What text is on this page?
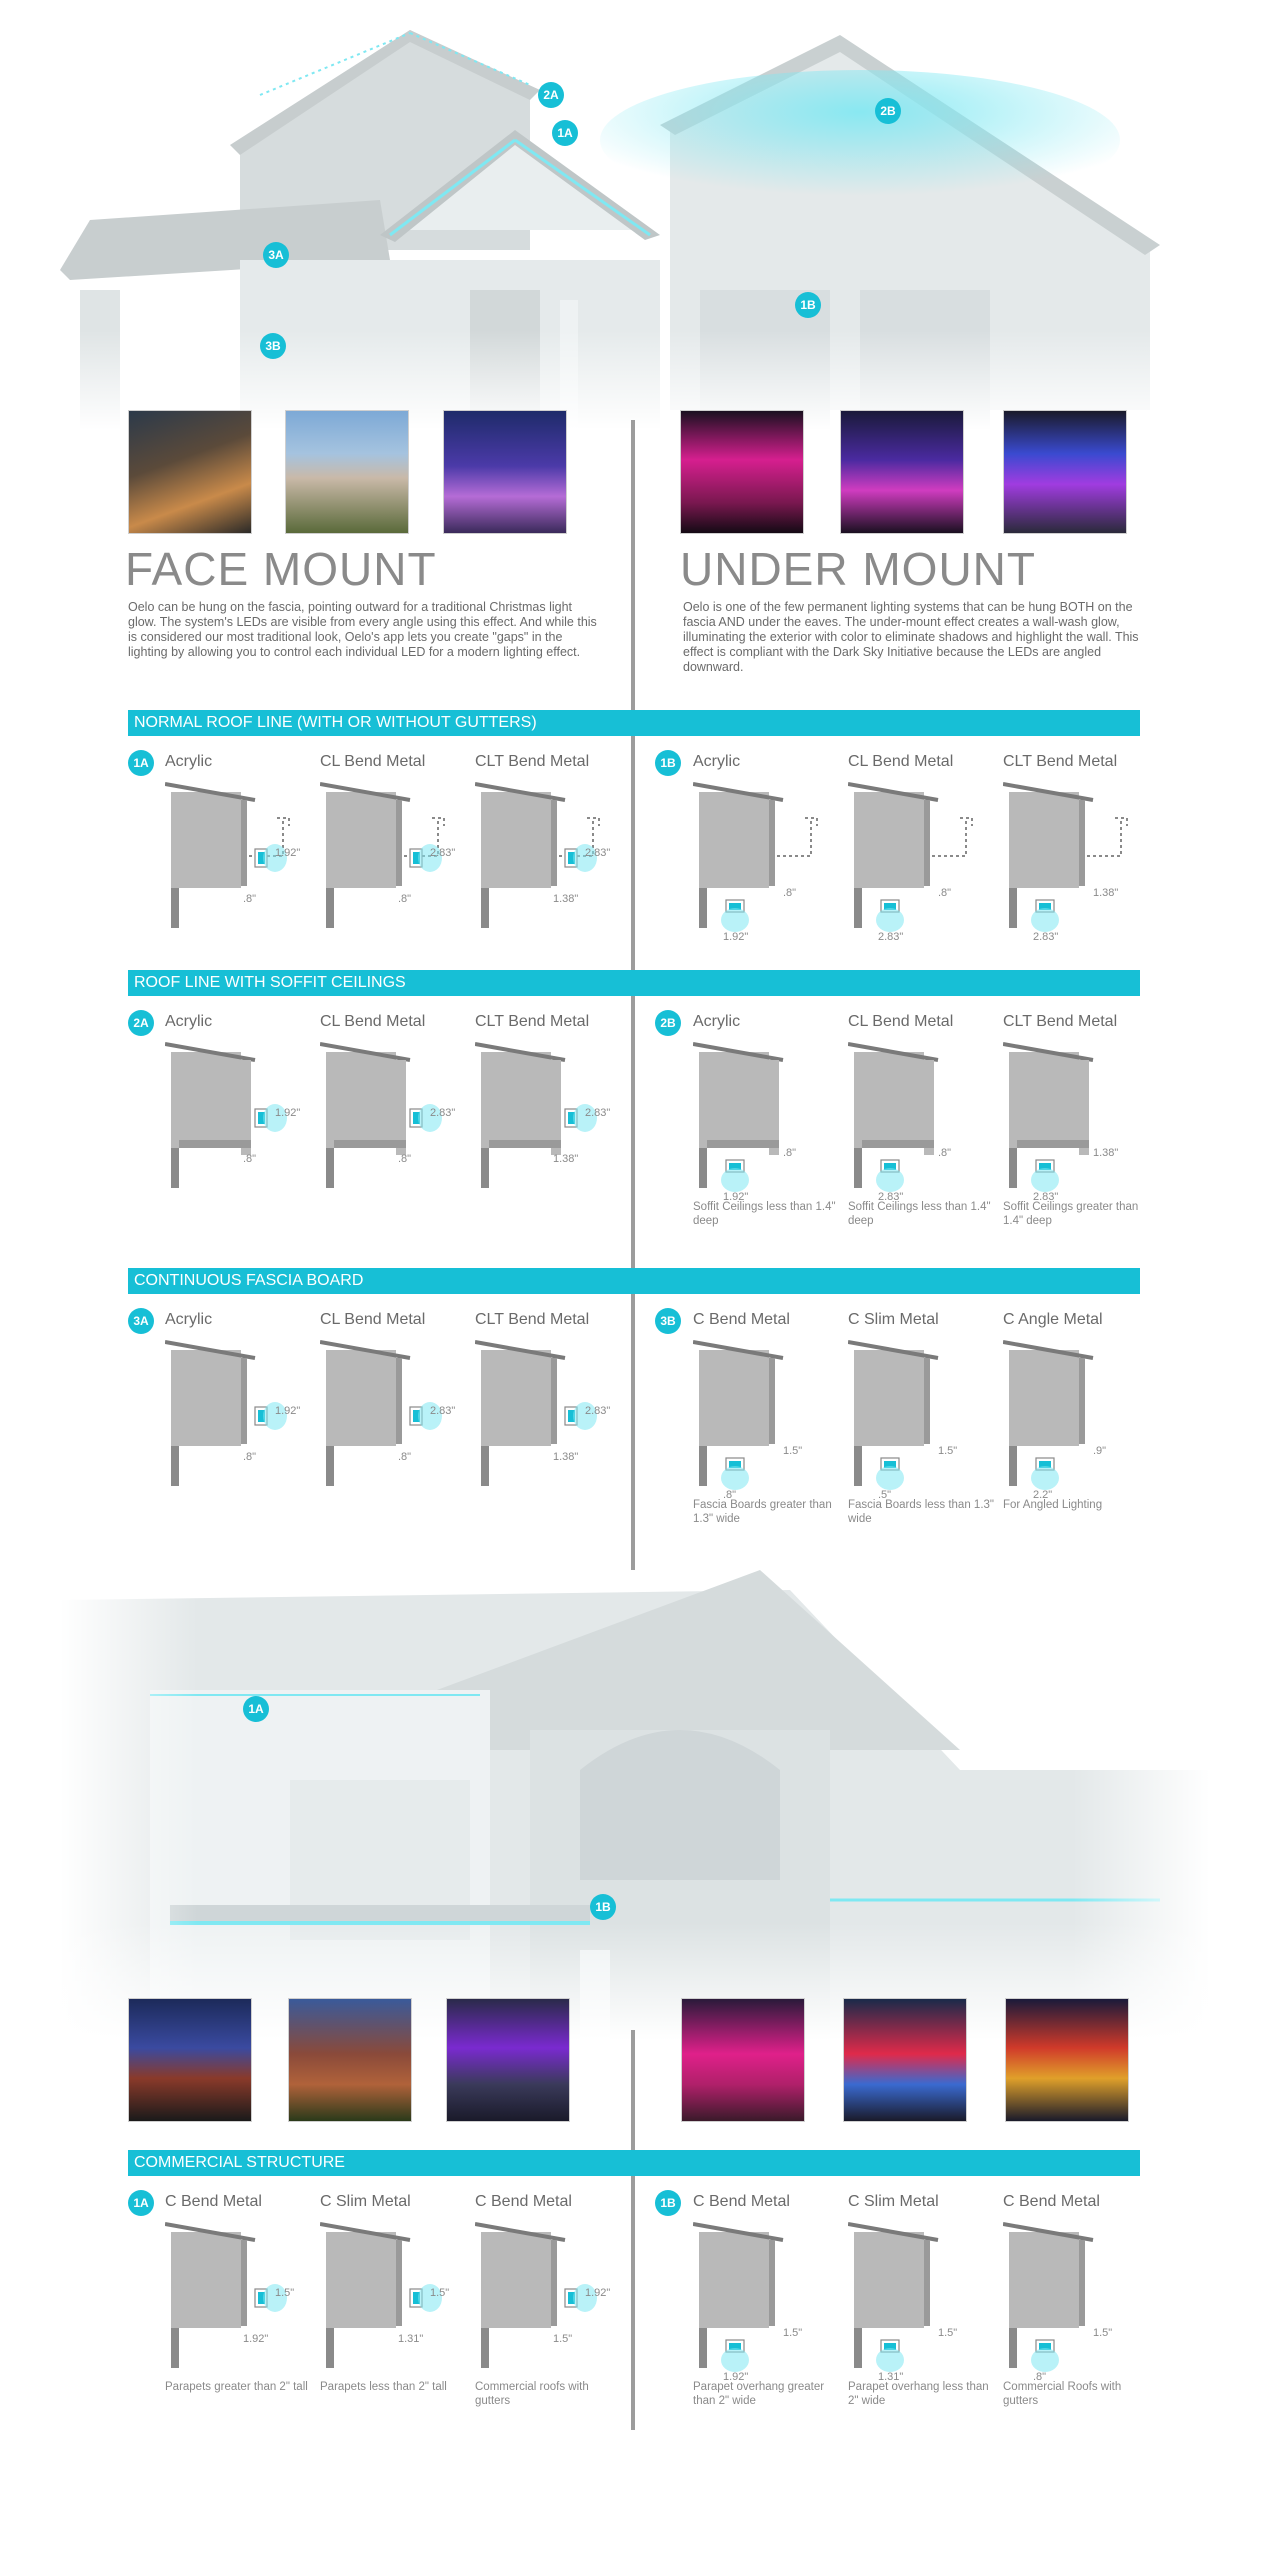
2A
1A
2B
3A
1B
3B
FACE MOUNT
Oelo can be hung on the fascia, pointing outward for a traditional Christmas light glow. The system's LEDs are visible from every angle using this effect. And while this is considered our most traditional look, Oelo's app lets you create "gaps" in the lighting by allowing you to control each individual LED for a modern lighting effect.
UNDER MOUNT
Oelo is one of the few permanent lighting systems that can be hung BOTH on the fascia AND under the eaves. The under-mount effect creates a wall-wash glow, illuminating the exterior with color to eliminate shadows and highlight the wall. This effect is compliant with the Dark Sky Initiative because the LEDs are angled downward.
NORMAL ROOF LINE (WITH OR WITHOUT GUTTERS)
1A	Acrylic
1.92"
.8"
CL Bend Metal
2.83"
.8"
CLT Bend Metal
2.83"
1.38"
1B	Acrylic
.8"
1.92"
CL Bend Metal
.8"
2.83"
CLT Bend Metal
1.38"
2.83"
ROOF LINE WITH SOFFIT CEILINGS
2A	Acrylic
1.92"
.8"
CL Bend Metal
2.83"
.8"
CLT Bend Metal
2.83"
1.38"
2B	Acrylic
.8"
1.92"
Soffit Ceilings less than 1.4" deep
CL Bend Metal
.8"
2.83"
Soffit Ceilings less than 1.4" deep
CLT Bend Metal
1.38"
2.83"
Soffit Ceilings greater than 1.4" deep
CONTINUOUS FASCIA BOARD
3A	Acrylic
1.92"
.8"
CL Bend Metal
2.83"
.8"
CLT Bend Metal
2.83"
1.38"
3B	C Bend Metal
1.5"
.8"
Fascia Boards greater than 1.3" wide
C Slim Metal
1.5"
.5"
Fascia Boards less than 1.3" wide
C Angle Metal
.9"
2.2"
For Angled Lighting
1A
1B
COMMERCIAL STRUCTURE
1A	C Bend Metal
1.5"
1.92"
Parapets greater than 2" tall
C Slim Metal
1.5"
1.31"
Parapets less than 2" tall
C Bend Metal
1.92"
1.5"
Commercial roofs with gutters
1B	C Bend Metal
1.5"
1.92"
Parapet overhang greater than 2" wide
C Slim Metal
1.5"
1.31"
Parapet overhang less than 2" wide
C Bend Metal
1.5"
.8"
Commercial Roofs with gutters
